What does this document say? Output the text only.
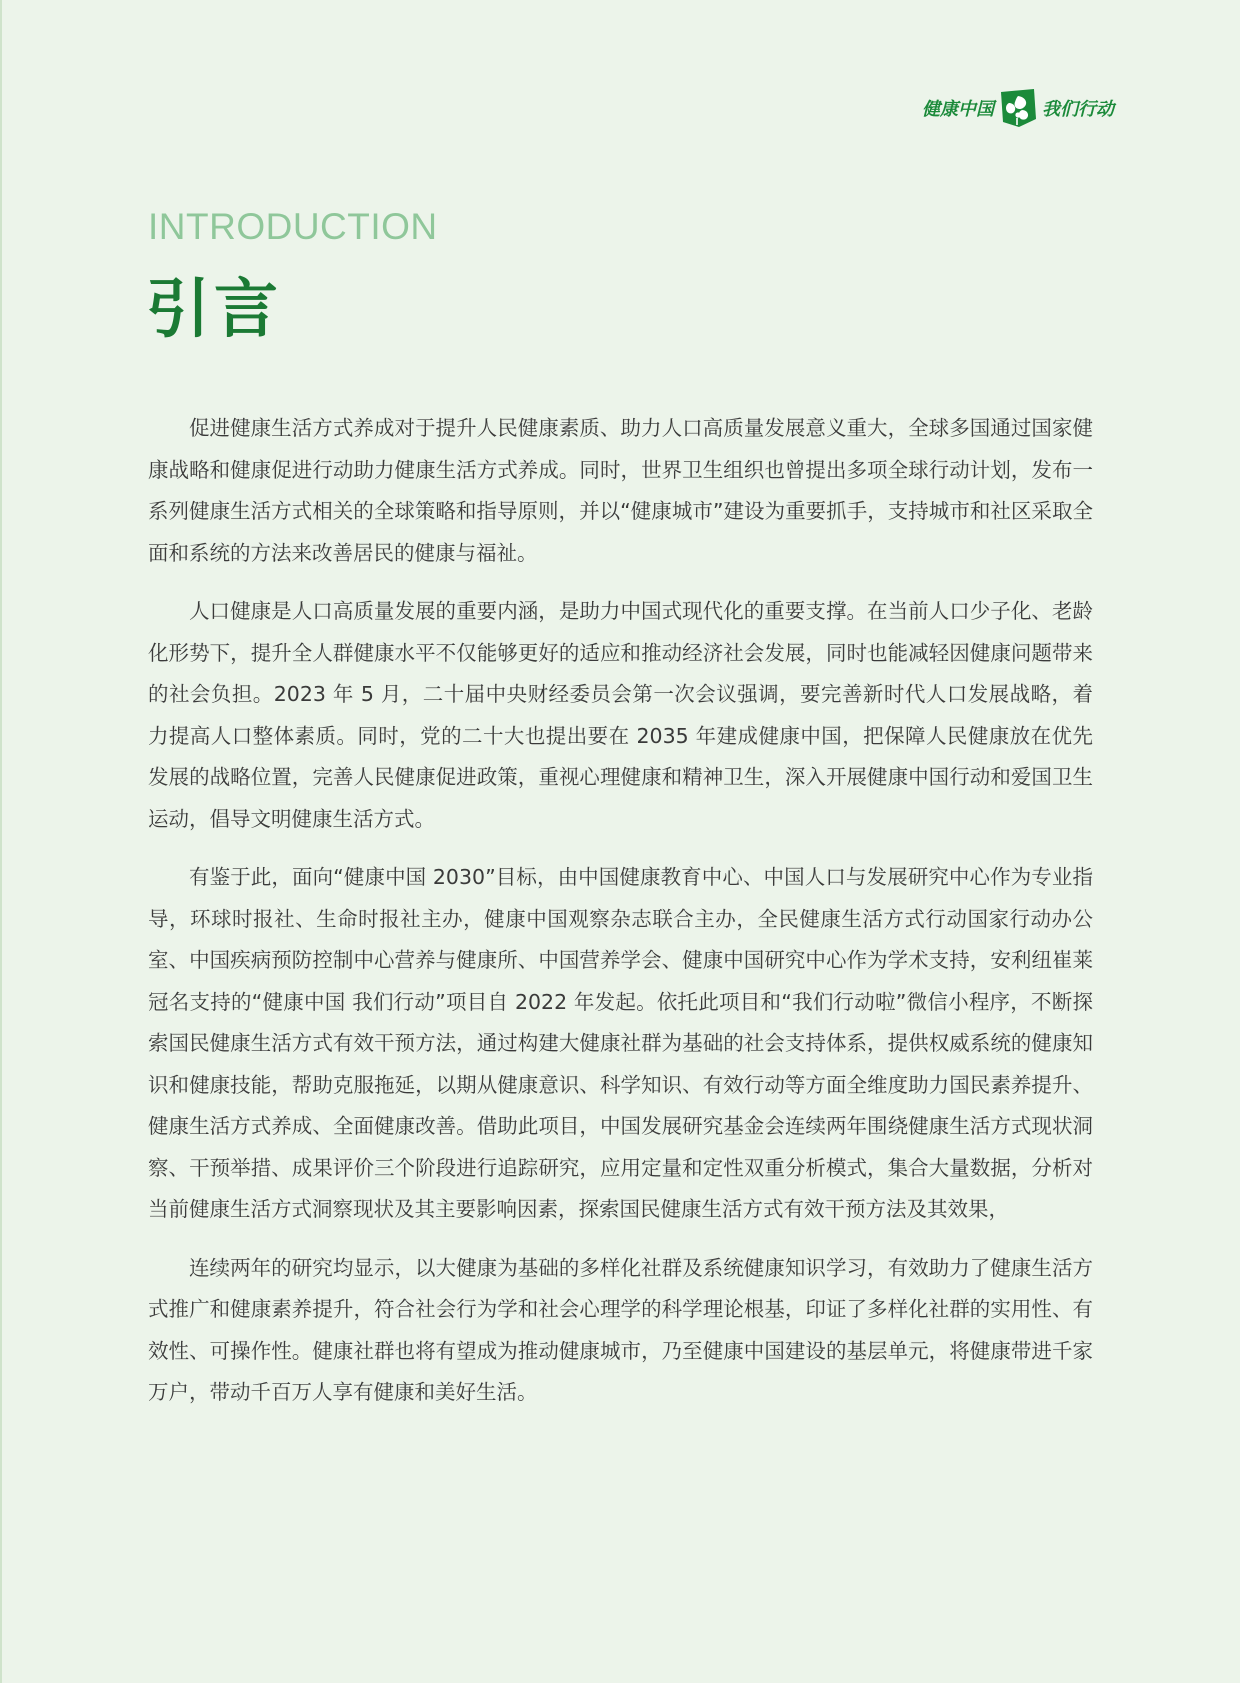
健康中国	我们行动
INTRODUCTION
引言

促进健康生活方式养成对于提升人民健康素质、助力人口高质量发展意义重大，全球多国通过国家健康战略和健康促进行动助力健康生活方式养成。同时，世界卫生组织也曾提出多项全球行动计划，发布一系列健康生活方式相关的全球策略和指导原则，并以“健康城市”建设为重要抓手，支持城市和社区采取全面和系统的方法来改善居民的健康与福祉。

人口健康是人口高质量发展的重要内涵，是助力中国式现代化的重要支撑。在当前人口少子化、老龄化形势下，提升全人群健康水平不仅能够更好的适应和推动经济社会发展，同时也能减轻因健康问题带来的社会负担。2023 年 5 月，二十届中央财经委员会第一次会议强调，要完善新时代人口发展战略，着力提高人口整体素质。同时，党的二十大也提出要在 2035 年建成健康中国，把保障人民健康放在优先发展的战略位置，完善人民健康促进政策，重视心理健康和精神卫生，深入开展健康中国行动和爱国卫生运动，倡导文明健康生活方式。

有鉴于此，面向“健康中国 2030”目标，由中国健康教育中心、中国人口与发展研究中心作为专业指导，环球时报社、生命时报社主办，健康中国观察杂志联合主办，全民健康生活方式行动国家行动办公室、中国疾病预防控制中心营养与健康所、中国营养学会、健康中国研究中心作为学术支持，安利纽崔莱冠名支持的“健康中国 我们行动”项目自 2022 年发起。依托此项目和“我们行动啦”微信小程序，不断探索国民健康生活方式有效干预方法，通过构建大健康社群为基础的社会支持体系，提供权威系统的健康知识和健康技能，帮助克服拖延，以期从健康意识、科学知识、有效行动等方面全维度助力国民素养提升、健康生活方式养成、全面健康改善。借助此项目，中国发展研究基金会连续两年围绕健康生活方式现状洞察、干预举措、成果评价三个阶段进行追踪研究，应用定量和定性双重分析模式，集合大量数据，分析对当前健康生活方式洞察现状及其主要影响因素，探索国民健康生活方式有效干预方法及其效果，

连续两年的研究均显示，以大健康为基础的多样化社群及系统健康知识学习，有效助力了健康生活方式推广和健康素养提升，符合社会行为学和社会心理学的科学理论根基，印证了多样化社群的实用性、有效性、可操作性。健康社群也将有望成为推动健康城市，乃至健康中国建设的基层单元，将健康带进千家万户，带动千百万人享有健康和美好生活。
